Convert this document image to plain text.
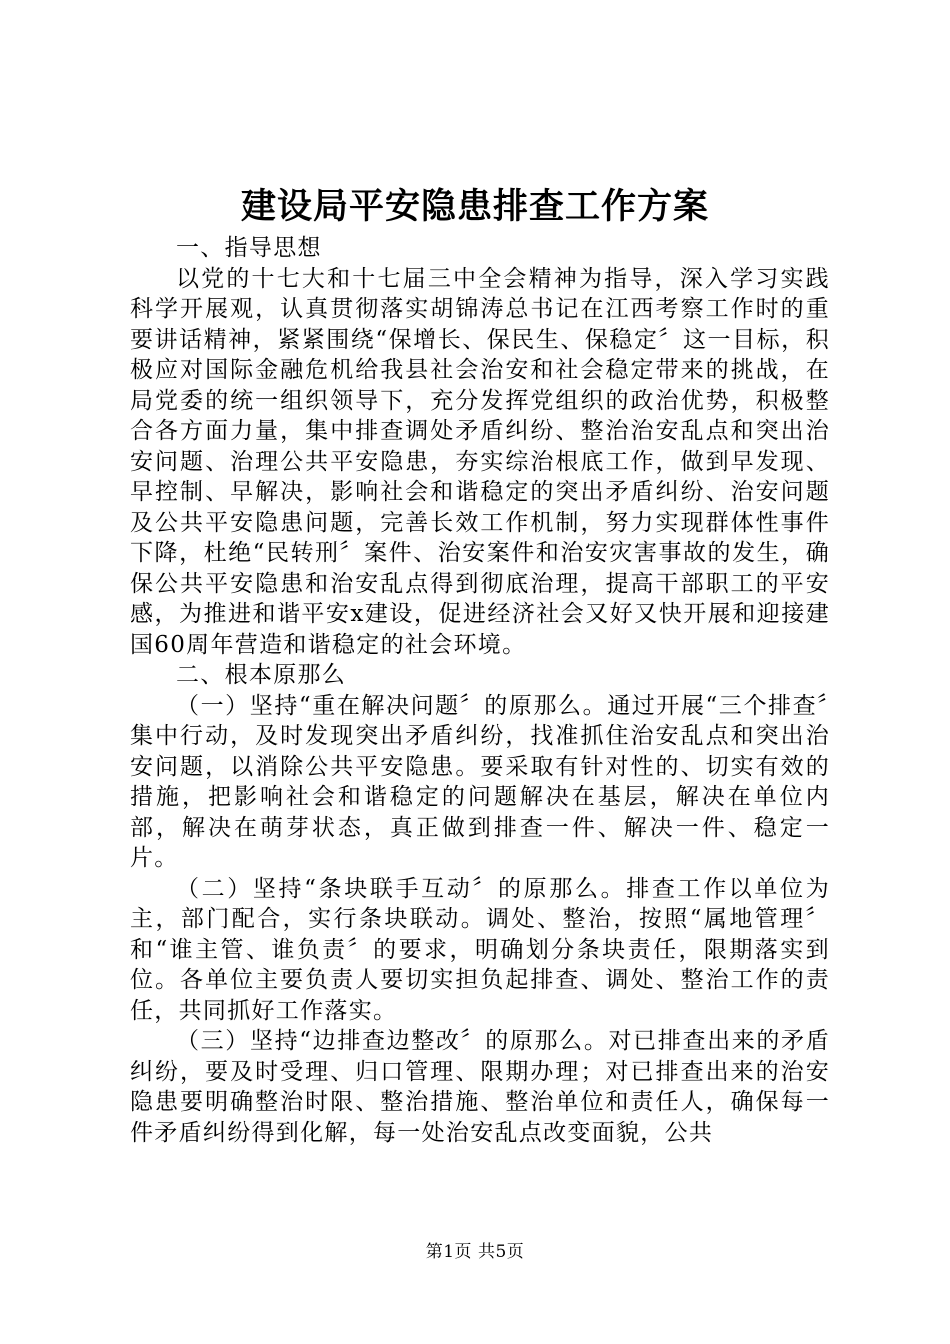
建设局平安隐患排查工作方案

一、指导思想

以党的十七大和十七届三中全会精神为指导，深入学习实践科学开展观，认真贯彻落实胡锦涛总书记在江西考察工作时的重要讲话精神，紧紧围绕“保增长、保民生、保稳定〞这一目标，积极应对国际金融危机给我县社会治安和社会稳定带来的挑战，在局党委的统一组织领导下，充分发挥党组织的政治优势，积极整合各方面力量，集中排查调处矛盾纠纷、整治治安乱点和突出治安问题、治理公共平安隐患，夯实综治根底工作，做到早发现、早控制、早解决，影响社会和谐稳定的突出矛盾纠纷、治安问题及公共平安隐患问题，完善长效工作机制，努力实现群体性事件下降，杜绝“民转刑〞案件、治安案件和治安灾害事故的发生，确保公共平安隐患和治安乱点得到彻底治理，提高干部职工的平安感，为推进和谐平安x建设，促进经济社会又好又快开展和迎接建国60周年营造和谐稳定的社会环境。

二、根本原那么

（一）坚持“重在解决问题〞的原那么。通过开展“三个排查〞集中行动，及时发现突出矛盾纠纷，找准抓住治安乱点和突出治安问题，以消除公共平安隐患。要采取有针对性的、切实有效的措施，把影响社会和谐稳定的问题解决在基层，解决在单位内部，解决在萌芽状态，真正做到排查一件、解决一件、稳定一片。

（二）坚持“条块联手互动〞的原那么。排查工作以单位为主，部门配合，实行条块联动。调处、整治，按照“属地管理〞和“谁主管、谁负责〞的要求，明确划分条块责任，限期落实到位。各单位主要负责人要切实担负起排查、调处、整治工作的责任，共同抓好工作落实。

（三）坚持“边排查边整改〞的原那么。对已排查出来的矛盾纠纷，要及时受理、归口管理、限期办理；对已排查出来的治安隐患要明确整治时限、整治措施、整治单位和责任人，确保每一件矛盾纠纷得到化解，每一处治安乱点改变面貌，公共

第1页 共5页
